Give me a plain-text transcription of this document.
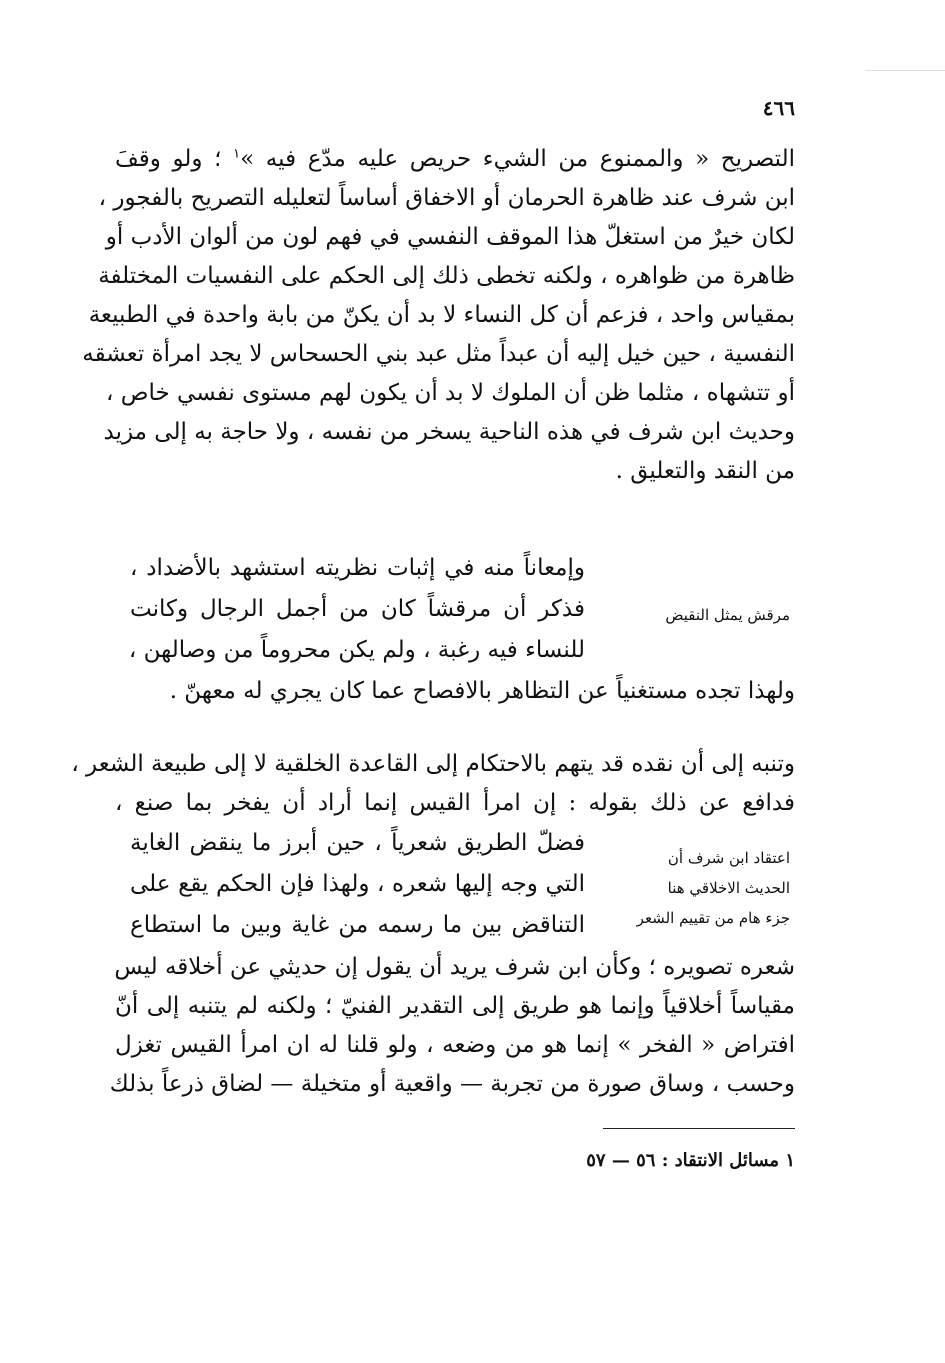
٤٦٦
التصريح « والممنوع من الشيء حريص عليه مدّع فيه »$^١$ ؛ ولو وقفَ
ابن شرف عند ظاهرة الحرمان أو الاخفاق أساساً لتعليله التصريح بالفجور ،
لكان خيرٌ من استغلّ هذا الموقف النفسي في فهم لون من ألوان الأدب أو
ظاهرة من ظواهره ، ولكنه تخطى ذلك إلى الحكم على النفسيات المختلفة
بمقياس واحد ، فزعم أن كل النساء لا بد أن يكنّ من بابة واحدة في الطبيعة
النفسية ، حين خيل إليه أن عبداً مثل عبد بني الحسحاس لا يجد امرأة تعشقه
أو تتشهاه ، مثلما ظن أن الملوك لا بد أن يكون لهم مستوى نفسي خاص ،
وحديث ابن شرف في هذه الناحية يسخر من نفسه ، ولا حاجة به إلى مزيد
من النقد والتعليق .
وإمعاناً منه في إثبات نظريته استشهد بالأضداد ،
فذكر أن مرقشاً كان من أجمل الرجال وكانت
للنساء فيه رغبة ، ولم يكن محروماً من وصالهن ،
مرقش يمثل النقيض
ولهذا تجده مستغنياً عن التظاهر بالافصاح عما كان يجري له معهنّ .
وتنبه إلى أن نقده قد يتهم بالاحتكام إلى القاعدة الخلقية لا إلى طبيعة الشعر ،
فدافع عن ذلك بقوله : إن امرأ القيس إنما أراد أن يفخر بما صنع ،
فضلّ الطريق شعرياً ، حين أبرز ما ينقض الغاية
التي وجه إليها شعره ، ولهذا فإن الحكم يقع على
التناقض بين ما رسمه من غاية وبين ما استطاع
اعتقاد ابن شرف أن
الحديث الاخلاقي هنا
جزء هام من تقييم الشعر
شعره تصويره ؛ وكأن ابن شرف يريد أن يقول إن حديثي عن أخلاقه ليس
مقياساً أخلاقياً وإنما هو طريق إلى التقدير الفنيّ ؛ ولكنه لم يتنبه إلى أنّ
افتراض « الفخر » إنما هو من وضعه ، ولو قلنا له ان امرأ القيس تغزل
وحسب ، وساق صورة من تجربة — واقعية أو متخيلة — لضاق ذرعاً بذلك
١ مسائل الانتقاد : ٥٦ — ٥٧
